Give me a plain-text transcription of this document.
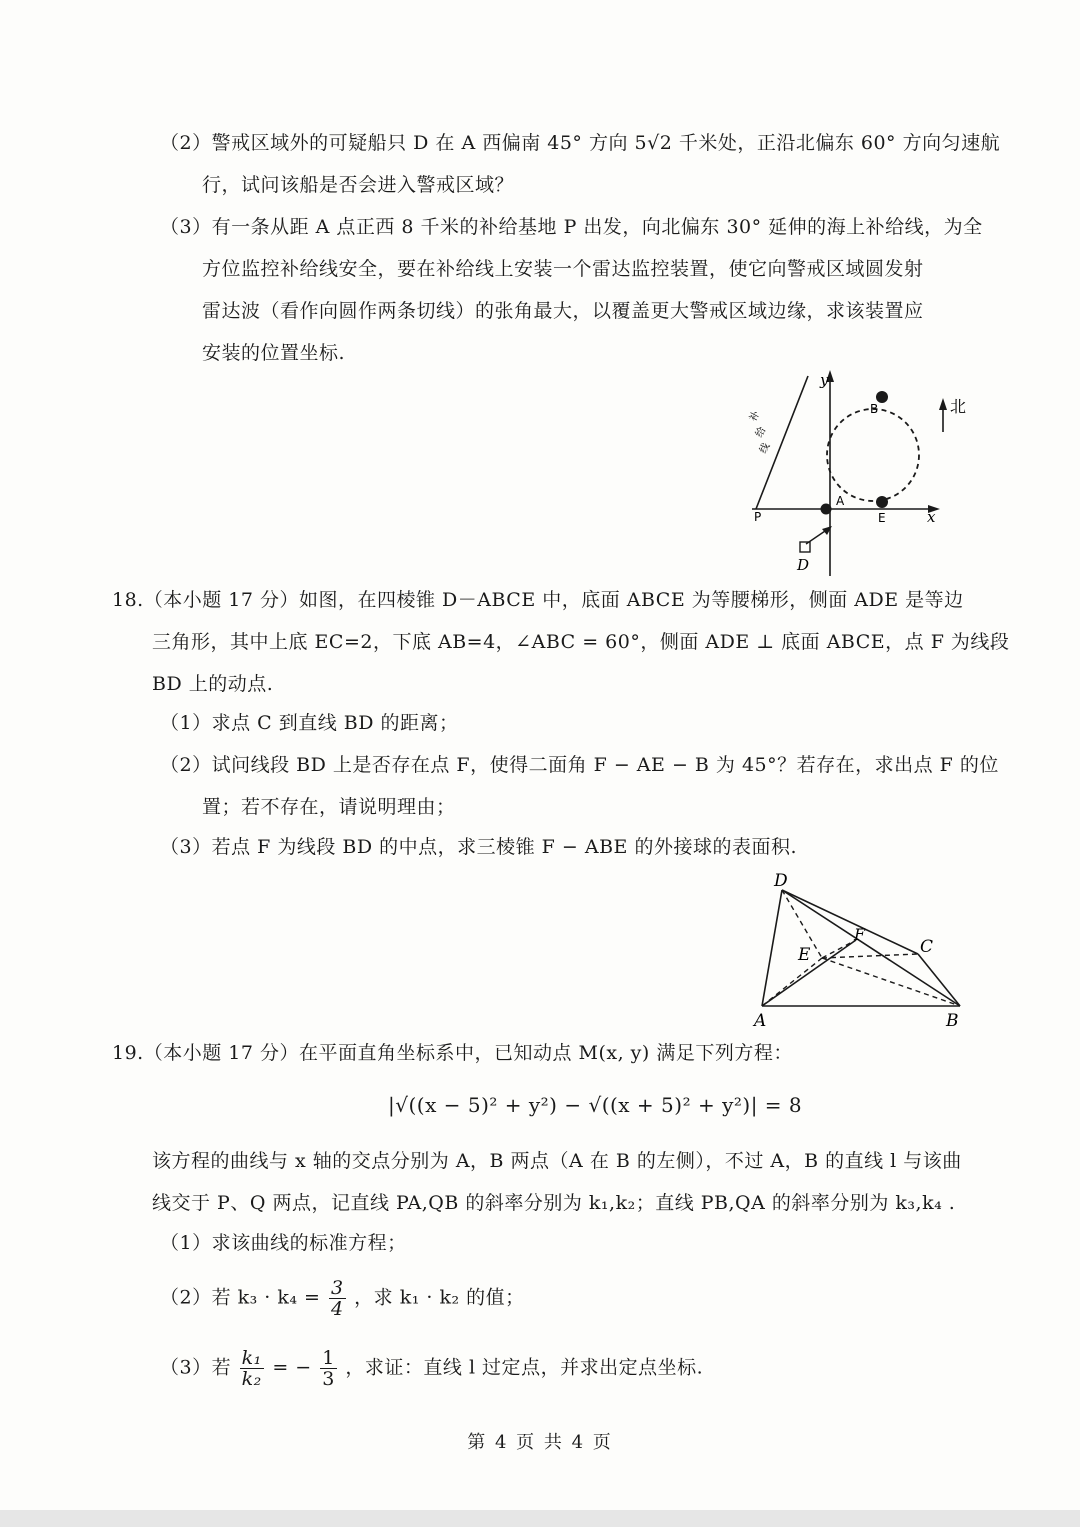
（2）警戒区域外的可疑船只 D 在 A 西偏南 45° 方向 5√2 千米处，正沿北偏东 60° 方向匀速航
行，试问该船是否会进入警戒区域？
（3）有一条从距 A 点正西 8 千米的补给基地 P 出发，向北偏东 30° 延伸的海上补给线，为全
方位监控补给线安全，要在补给线上安装一个雷达监控装置，使它向警戒区域圆发射
雷达波（看作向圆作两条切线）的张角最大，以覆盖更大警戒区域边缘，求该装置应
安装的位置坐标.
y
x
北
补
给
线
P
A
B
E
D
18.（本小题 17 分）如图，在四棱锥 D－ABCE 中，底面 ABCE 为等腰梯形，侧面 ADE 是等边
三角形，其中上底 EC=2，下底 AB=4，∠ABC = 60°，侧面 ADE ⊥ 底面 ABCE，点 F 为线段
BD 上的动点.
（1）求点 C 到直线 BD 的距离；
（2）试问线段 BD 上是否存在点 F，使得二面角 F − AE − B 为 45°？若存在，求出点 F 的位
置；若不存在，请说明理由；
（3）若点 F 为线段 BD 的中点，求三棱锥 F − ABE 的外接球的表面积.
D
C
E
F
A	B
19.（本小题 17 分）在平面直角坐标系中，已知动点 M(x, y) 满足下列方程：
|√((x − 5)² + y²) − √((x + 5)² + y²)| = 8
该方程的曲线与 x 轴的交点分别为 A，B 两点（A 在 B 的左侧），不过 A，B 的直线 l 与该曲
线交于 P、Q 两点，记直线 PA,QB 的斜率分别为 k₁,k₂；直线 PB,QA 的斜率分别为 k₃,k₄ .
（1）求该曲线的标准方程；
（2）若 $k_3 \cdot k_4 = \frac{3}{4}$ ，求 k₁ · k₂ 的值；
（3）若 $\frac{\text{k₁}}{\text{k₂}}$ = − $\frac{1}{3}$ ，求证：直线 l 过定点，并求出定点坐标.
第 4 页 共 4 页
